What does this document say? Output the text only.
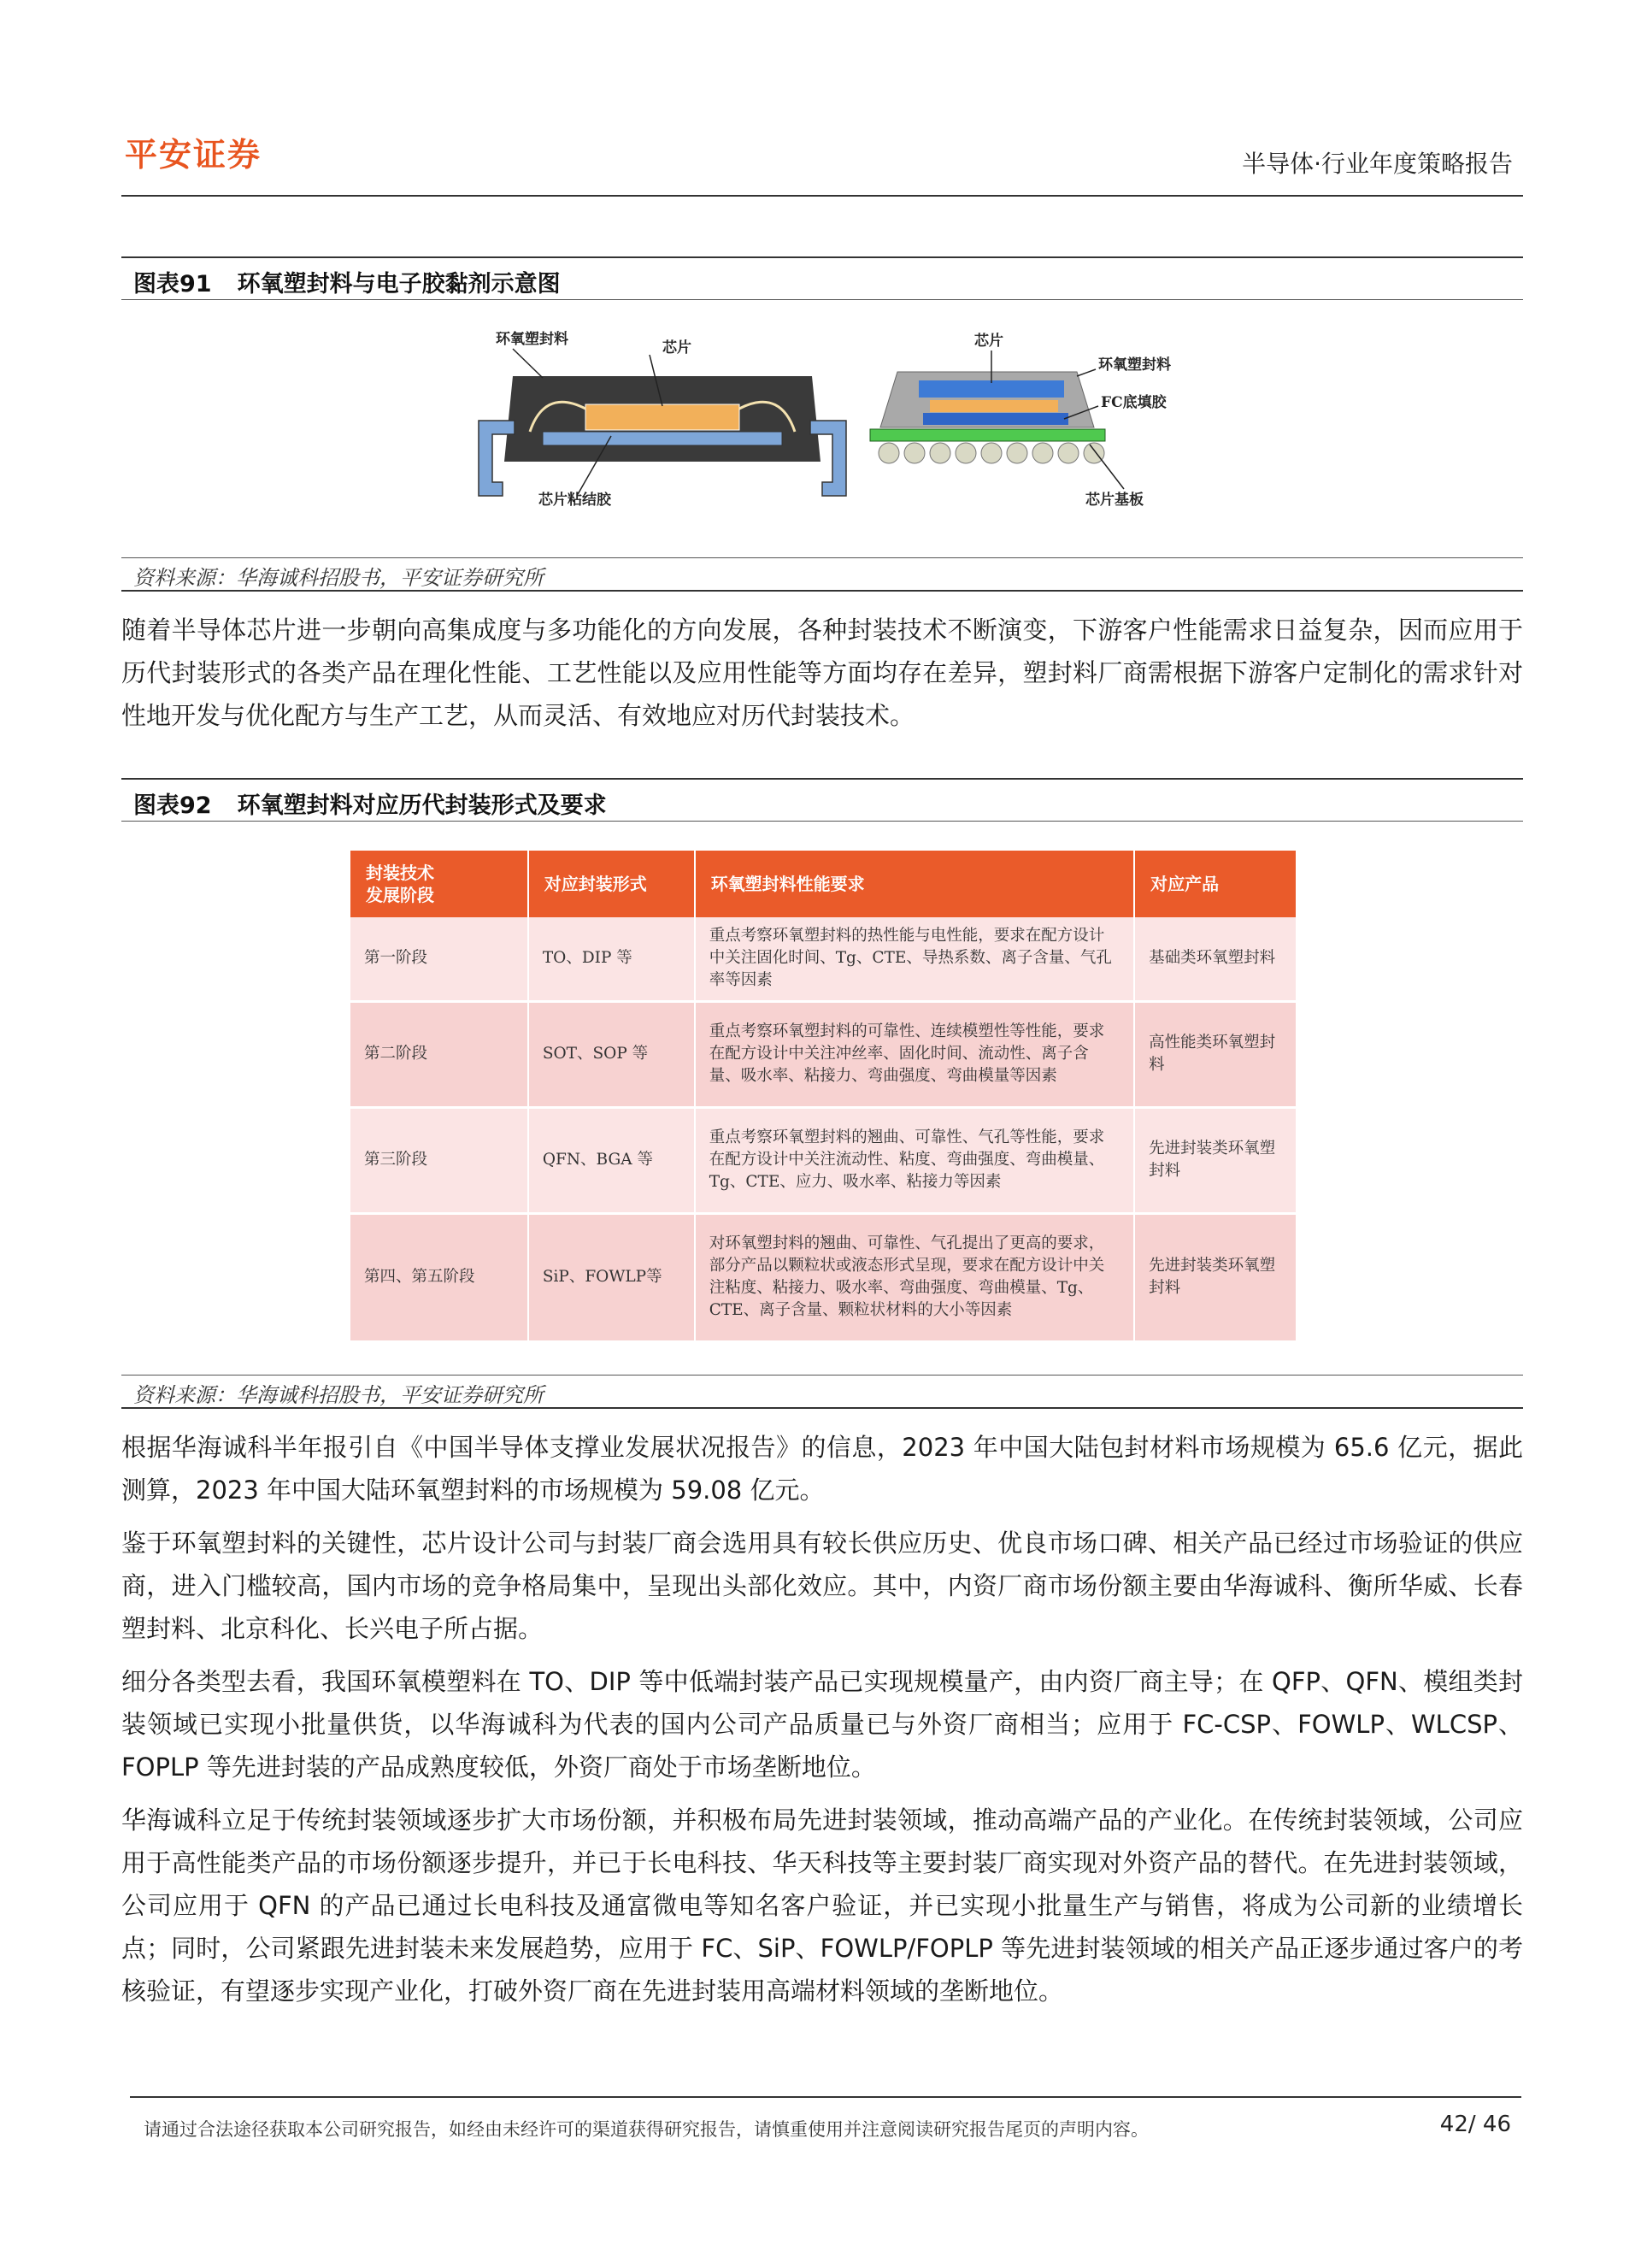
平安证券	半导体·行业年度策略报告
图表91 环氧塑封料与电子胶黏剂示意图
环氧塑封料	芯片
芯片粘结胶
芯片
环氧塑封料
FC底填胶
芯片基板
资料来源：华海诚科招股书，平安证券研究所

随着半导体芯片进一步朝向高集成度与多功能化的方向发展，各种封装技术不断演变，下游客户性能需求日益复杂，因而应用于历代封装形式的各类产品在理化性能、工艺性能以及应用性能等方面均存在差异，塑封料厂商需根据下游客户定制化的需求针对性地开发与优化配方与生产工艺，从而灵活、有效地应对历代封装技术。

图表92 环氧塑封料对应历代封装形式及要求
封装技术
发展阶段	对应封装形式	环氧塑封料性能要求	对应产品
第一阶段	TO、DIP 等	重点考察环氧塑封料的热性能与电性能，要求在配方设计中关注固化时间、Tg、CTE、导热系数、离子含量、气孔率等因素	基础类环氧塑封料
第二阶段	SOT、SOP 等	重点考察环氧塑封料的可靠性、连续模塑性等性能，要求在配方设计中关注冲丝率、固化时间、流动性、离子含量、吸水率、粘接力、弯曲强度、弯曲模量等因素	高性能类环氧塑封料
第三阶段	QFN、BGA 等	重点考察环氧塑封料的翘曲、可靠性、气孔等性能，要求在配方设计中关注流动性、粘度、弯曲强度、弯曲模量、Tg、CTE、应力、吸水率、粘接力等因素	先进封装类环氧塑封料
第四、第五阶段	SiP、FOWLP等	对环氧塑封料的翘曲、可靠性、气孔提出了更高的要求，部分产品以颗粒状或液态形式呈现，要求在配方设计中关注粘度、粘接力、吸水率、弯曲强度、弯曲模量、Tg、CTE、离子含量、颗粒状材料的大小等因素	先进封装类环氧塑封料
资料来源：华海诚科招股书，平安证券研究所

根据华海诚科半年报引自《中国半导体支撑业发展状况报告》的信息，2023 年中国大陆包封材料市场规模为 65.6 亿元，据此测算，2023 年中国大陆环氧塑封料的市场规模为 59.08 亿元。

鉴于环氧塑封料的关键性，芯片设计公司与封装厂商会选用具有较长供应历史、优良市场口碑、相关产品已经过市场验证的供应商，进入门槛较高，国内市场的竞争格局集中，呈现出头部化效应。其中，内资厂商市场份额主要由华海诚科、衡所华威、长春塑封料、北京科化、长兴电子所占据。

细分各类型去看，我国环氧模塑料在 TO、DIP 等中低端封装产品已实现规模量产，由内资厂商主导；在 QFP、QFN、模组类封装领域已实现小批量供货，以华海诚科为代表的国内公司产品质量已与外资厂商相当；应用于 FC-CSP、FOWLP、WLCSP、FOPLP 等先进封装的产品成熟度较低，外资厂商处于市场垄断地位。

华海诚科立足于传统封装领域逐步扩大市场份额，并积极布局先进封装领域，推动高端产品的产业化。在传统封装领域，公司应用于高性能类产品的市场份额逐步提升，并已于长电科技、华天科技等主要封装厂商实现对外资产品的替代。在先进封装领域，公司应用于 QFN 的产品已通过长电科技及通富微电等知名客户验证，并已实现小批量生产与销售，将成为公司新的业绩增长点；同时，公司紧跟先进封装未来发展趋势，应用于 FC、SiP、FOWLP/FOPLP 等先进封装领域的相关产品正逐步通过客户的考核验证，有望逐步实现产业化，打破外资厂商在先进封装用高端材料领域的垄断地位。

请通过合法途径获取本公司研究报告，如经由未经许可的渠道获得研究报告，请慎重使用并注意阅读研究报告尾页的声明内容。	42/ 46
